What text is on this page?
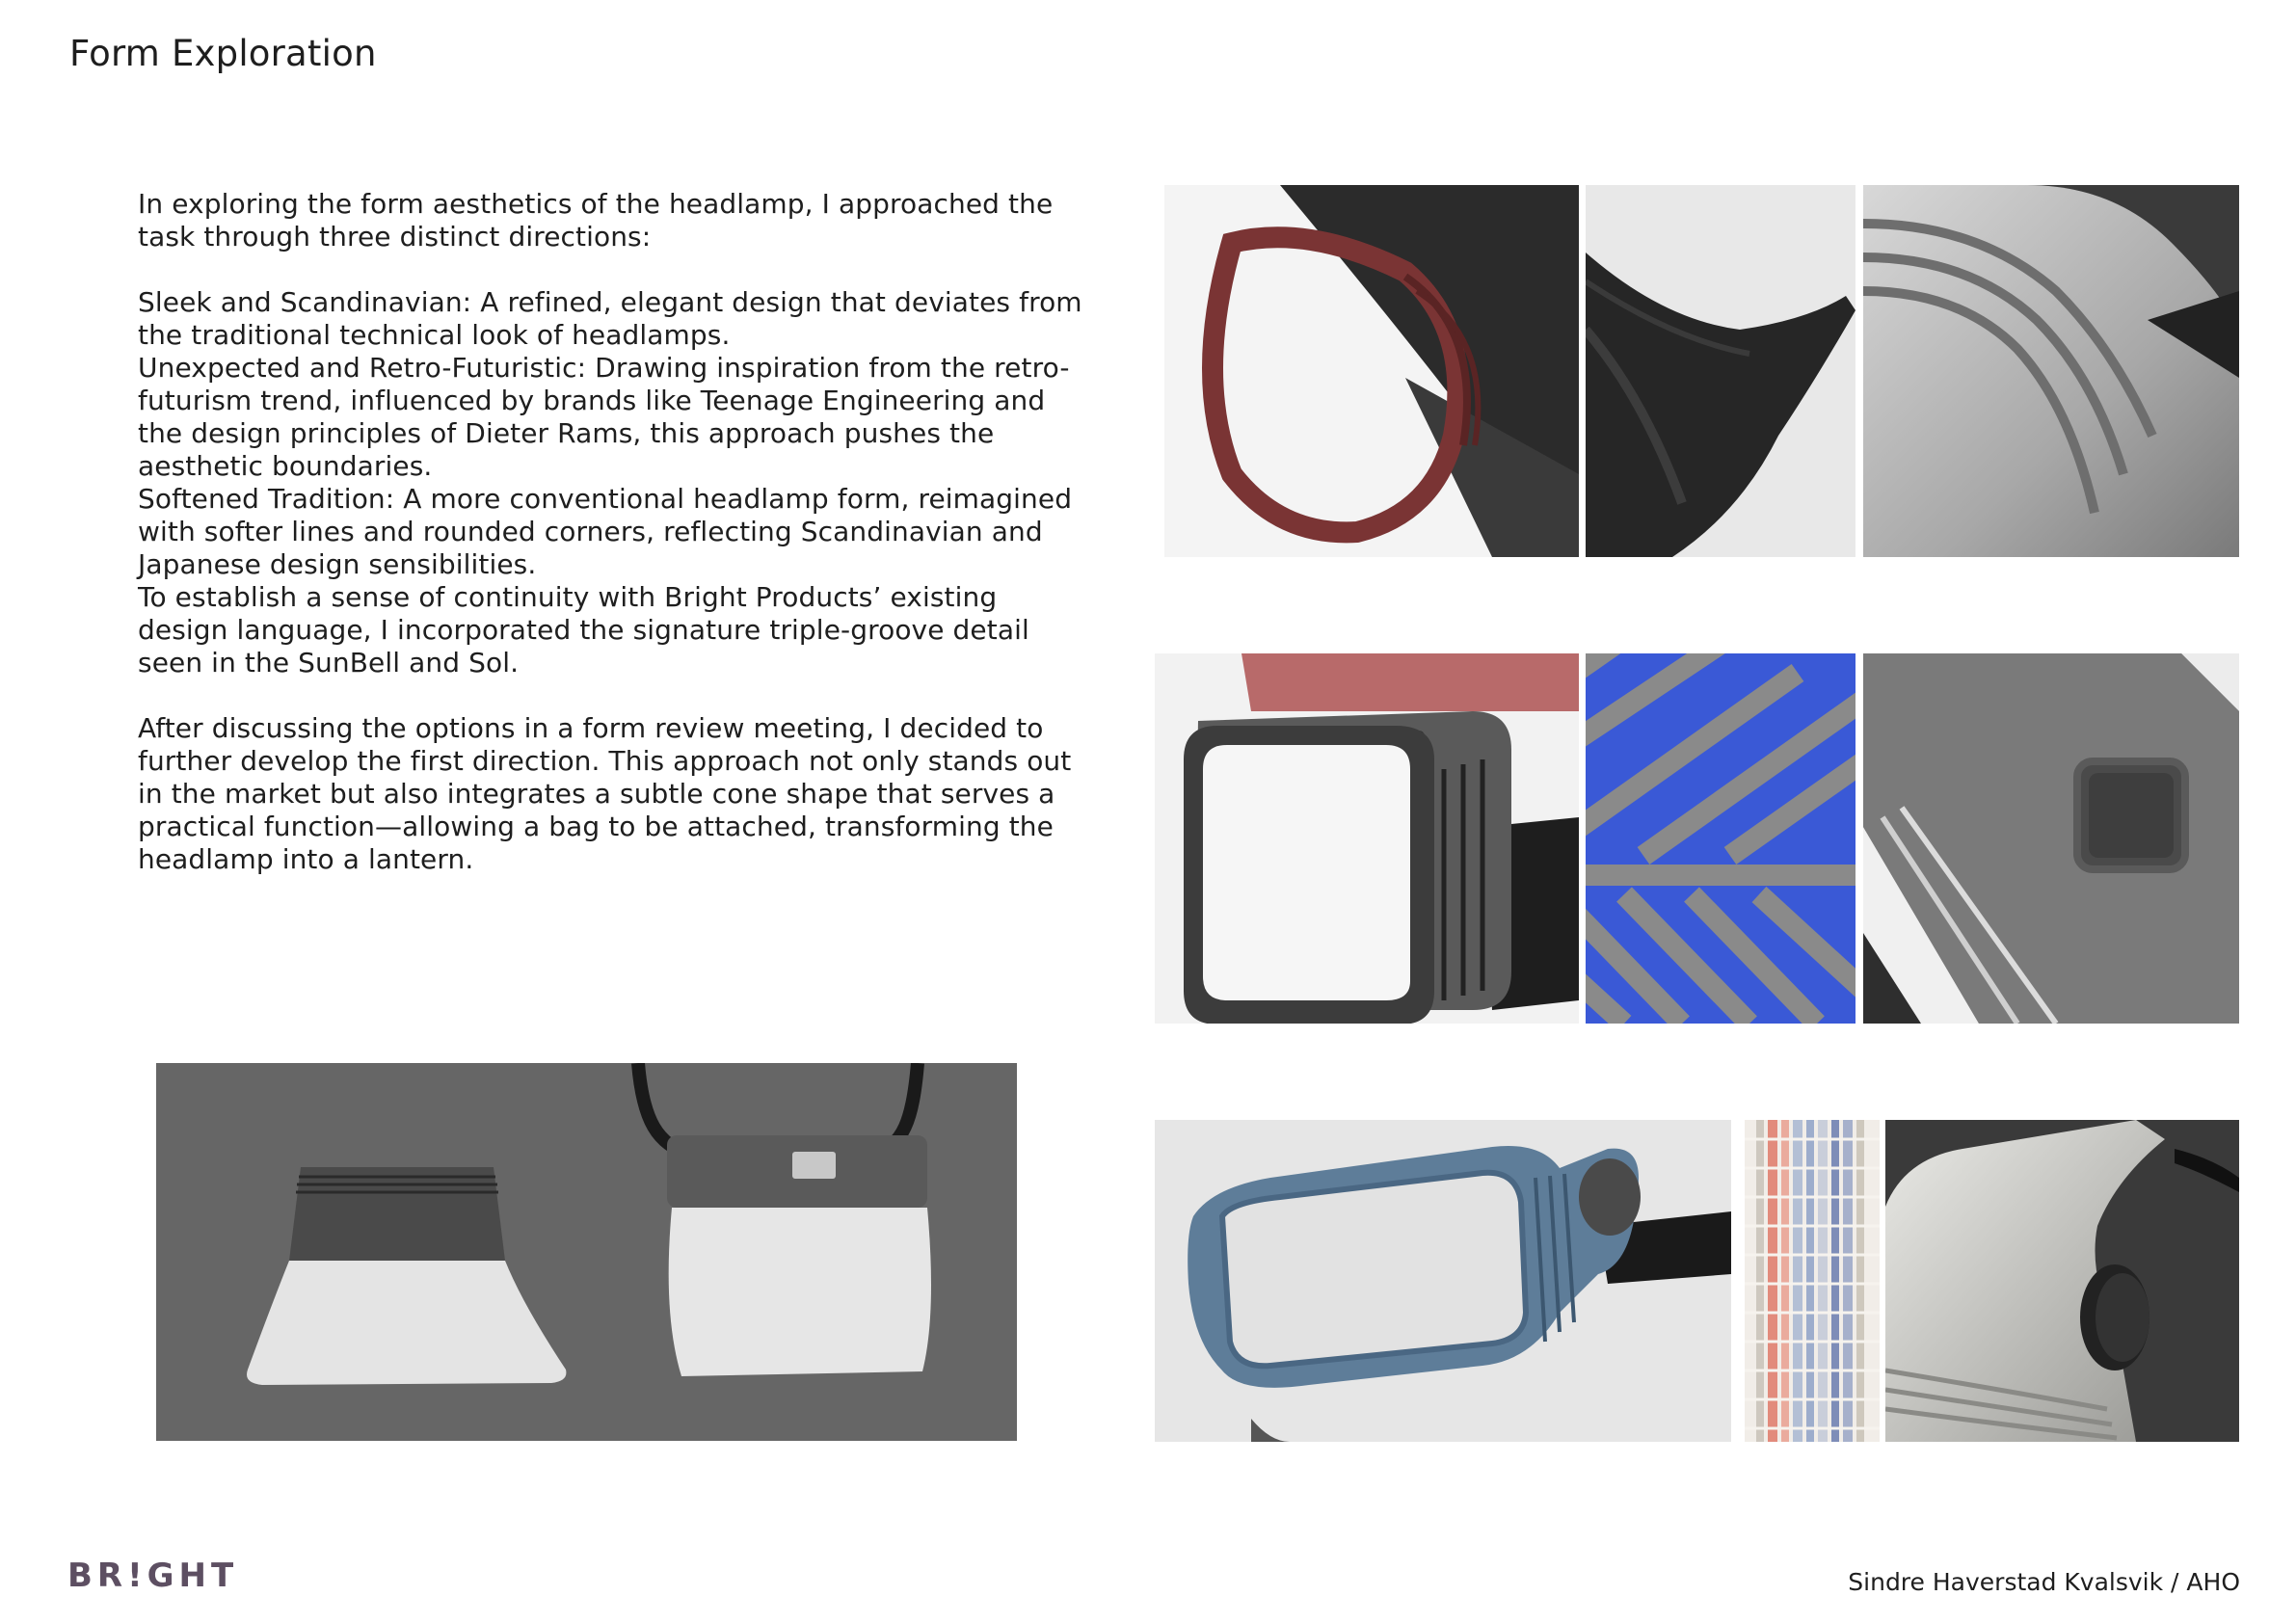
Form Exploration

In exploring the form aesthetics of the headlamp, I approached the task through three distinct directions:

Sleek and Scandinavian: A refined, elegant design that deviates from the traditional technical look of headlamps.

Unexpected and Retro-Futuristic: Drawing inspiration from the retro-futurism trend, influenced by brands like Teenage Engineering and the design principles of Dieter Rams, this approach pushes the aesthetic boundaries.

Softened Tradition: A more conventional headlamp form, reimagined with softer lines and rounded corners, reflecting Scandinavian and Japanese design sensibilities.

To establish a sense of continuity with Bright Products’ existing design language, I incorporated the signature triple-groove detail seen in the SunBell and Sol.

After discussing the options in a form review meeting, I decided to further develop the first direction. This approach not only stands out in the market but also integrates a subtle cone shape that serves a practical function—allowing a bag to be attached, transforming the headlamp into a lantern.

BR!GHT	Sindre Haverstad Kvalsvik / AHO
